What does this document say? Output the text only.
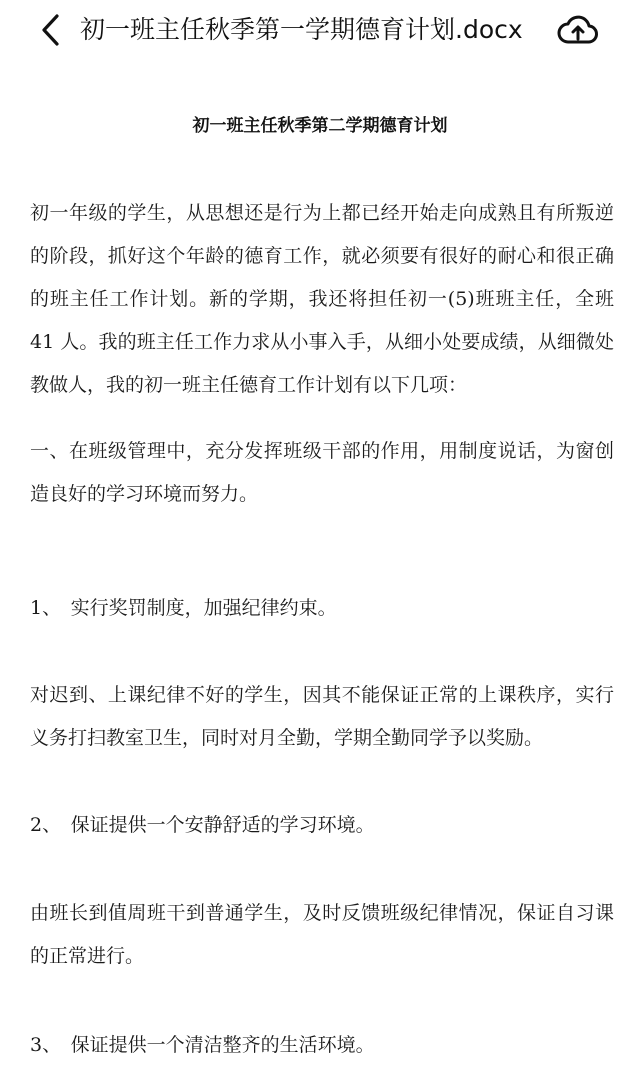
初一班主任秋季第一学期德育计划.docx
初一班主任秋季第二学期德育计划

初一年级的学生，从思想还是行为上都已经开始走向成熟且有所叛逆的阶段，抓好这个年龄的德育工作，就必须要有很好的耐心和很正确的班主任工作计划。新的学期，我还将担任初一(5)班班主任，全班 41 人。我的班主任工作力求从小事入手，从细小处要成绩，从细微处教做人，我的初一班主任德育工作计划有以下几项：

一、在班级管理中，充分发挥班级干部的作用，用制度说话，为窗创造良好的学习环境而努力。

1、　实行奖罚制度，加强纪律约束。

对迟到、上课纪律不好的学生，因其不能保证正常的上课秩序，实行义务打扫教室卫生，同时对月全勤，学期全勤同学予以奖励。

2、　保证提供一个安静舒适的学习环境。

由班长到值周班干到普通学生，及时反馈班级纪律情况，保证自习课的正常进行。

3、　保证提供一个清洁整齐的生活环境。
